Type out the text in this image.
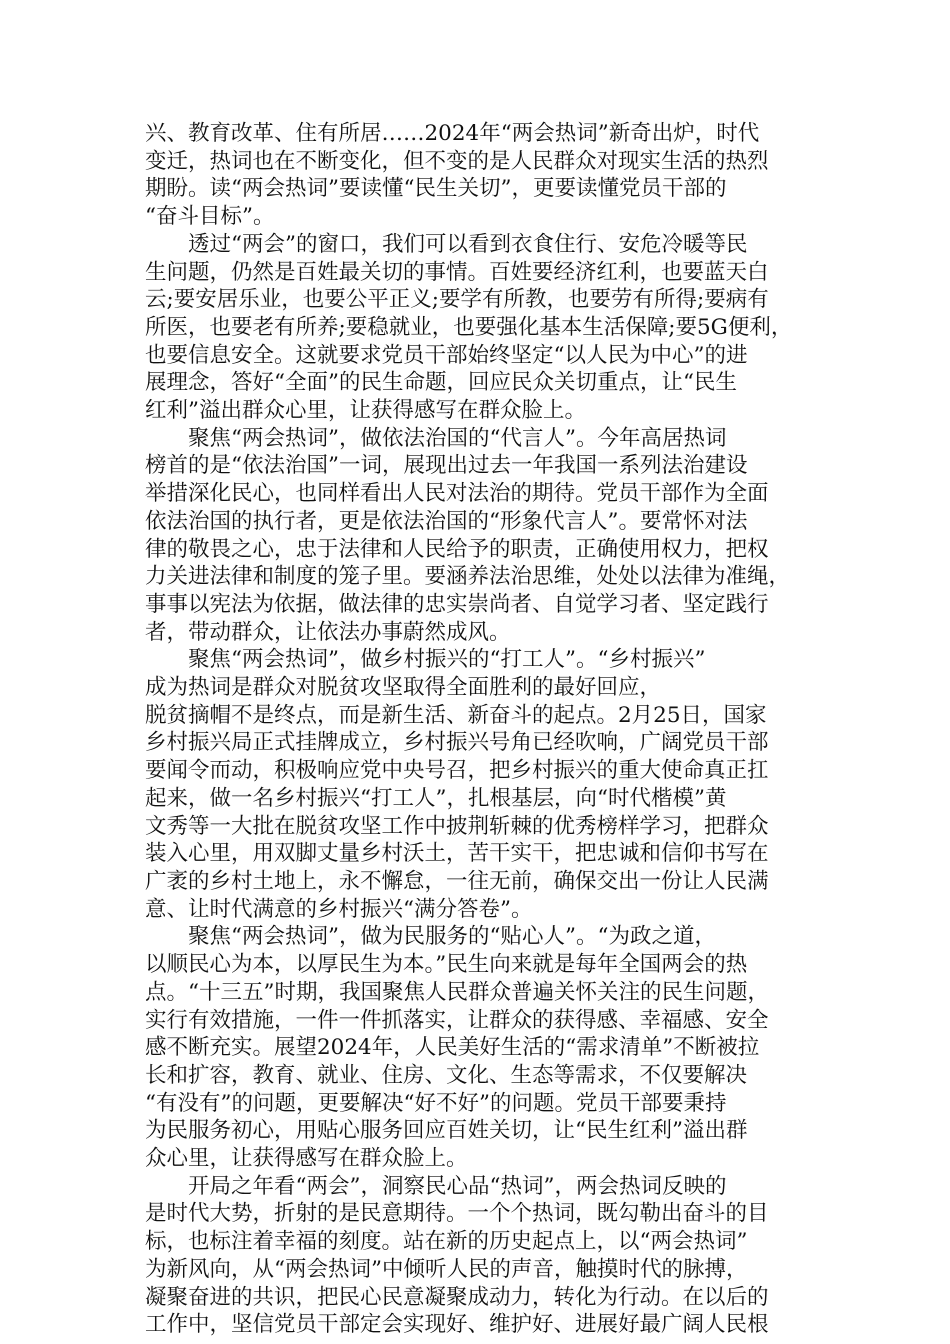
兴、教育改革、住有所居……2024年“两会热词”新奇出炉，时代
变迁，热词也在不断变化，但不变的是人民群众对现实生活的热烈
期盼。读“两会热词”要读懂“民生关切”，更要读懂党员干部的
“奋斗目标”。
透过“两会”的窗口，我们可以看到衣食住行、安危冷暖等民
生问题，仍然是百姓最关切的事情。百姓要经济红利，也要蓝天白
云;要安居乐业，也要公平正义;要学有所教，也要劳有所得;要病有
所医，也要老有所养;要稳就业，也要强化基本生活保障;要5G便利，
也要信息安全。这就要求党员干部始终坚定“以人民为中心”的进
展理念，答好“全面”的民生命题，回应民众关切重点，让“民生
红利”溢出群众心里，让获得感写在群众脸上。
聚焦“两会热词”，做依法治国的“代言人”。今年高居热词
榜首的是“依法治国”一词，展现出过去一年我国一系列法治建设
举措深化民心，也同样看出人民对法治的期待。党员干部作为全面
依法治国的执行者，更是依法治国的“形象代言人”。要常怀对法
律的敬畏之心，忠于法律和人民给予的职责，正确使用权力，把权
力关进法律和制度的笼子里。要涵养法治思维，处处以法律为准绳，
事事以宪法为依据，做法律的忠实崇尚者、自觉学习者、坚定践行
者，带动群众，让依法办事蔚然成风。
聚焦“两会热词”，做乡村振兴的“打工人”。“乡村振兴”
成为热词是群众对脱贫攻坚取得全面胜利的最好回应，
脱贫摘帽不是终点，而是新生活、新奋斗的起点。2月25日，国家
乡村振兴局正式挂牌成立，乡村振兴号角已经吹响，广阔党员干部
要闻令而动，积极响应党中央号召，把乡村振兴的重大使命真正扛
起来，做一名乡村振兴“打工人”，扎根基层，向“时代楷模”黄
文秀等一大批在脱贫攻坚工作中披荆斩棘的优秀榜样学习，把群众
装入心里，用双脚丈量乡村沃土，苦干实干，把忠诚和信仰书写在
广袤的乡村土地上，永不懈怠，一往无前，确保交出一份让人民满
意、让时代满意的乡村振兴“满分答卷”。
聚焦“两会热词”，做为民服务的“贴心人”。“为政之道，
以顺民心为本，以厚民生为本。”民生向来就是每年全国两会的热
点。“十三五”时期，我国聚焦人民群众普遍关怀关注的民生问题，
实行有效措施，一件一件抓落实，让群众的获得感、幸福感、安全
感不断充实。展望2024年，人民美好生活的“需求清单”不断被拉
长和扩容，教育、就业、住房、文化、生态等需求，不仅要解决
“有没有”的问题，更要解决“好不好”的问题。党员干部要秉持
为民服务初心，用贴心服务回应百姓关切，让“民生红利”溢出群
众心里，让获得感写在群众脸上。
开局之年看“两会”，洞察民心品“热词”，两会热词反映的
是时代大势，折射的是民意期待。一个个热词，既勾勒出奋斗的目
标，也标注着幸福的刻度。站在新的历史起点上，以“两会热词”
为新风向，从“两会热词”中倾听人民的声音，触摸时代的脉搏，
凝聚奋进的共识，把民心民意凝聚成动力，转化为行动。在以后的
工作中，坚信党员干部定会实现好、维护好、进展好最广阔人民根
